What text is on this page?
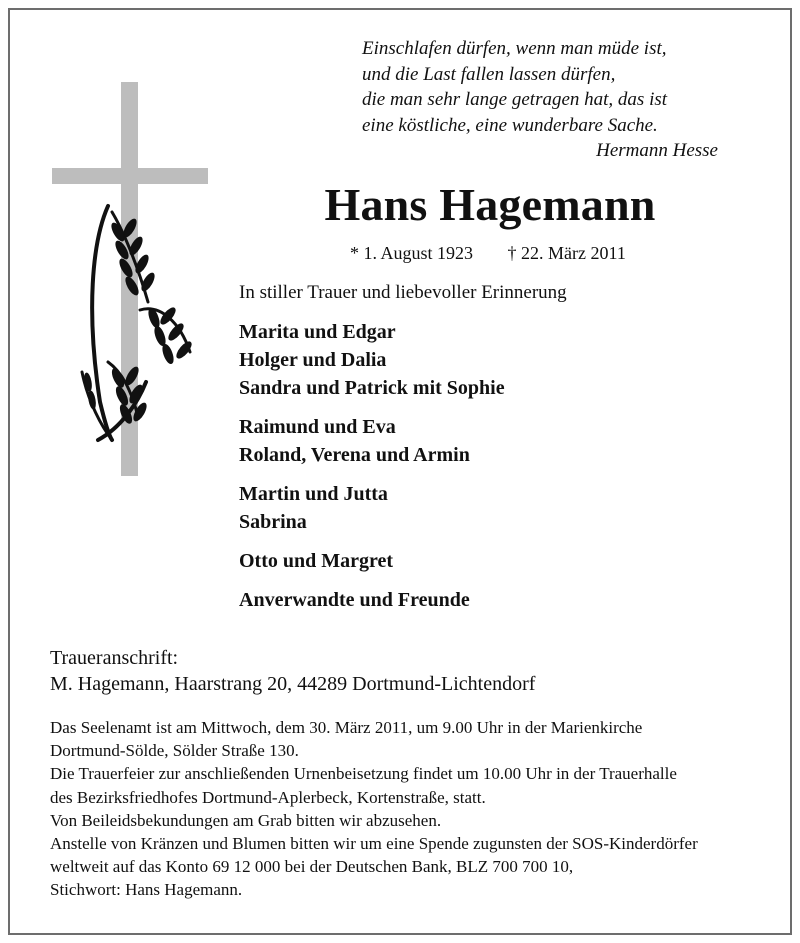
Einschlafen dürfen, wenn man müde ist,
und die Last fallen lassen dürfen,
die man sehr lange getragen hat, das ist
eine köstliche, eine wunderbare Sache.
Hermann Hesse
Hans Hagemann
* 1. August 1923 † 22. März 2011
In stiller Trauer und liebevoller Erinnerung
Marita und Edgar
Holger und Dalia
Sandra und Patrick mit Sophie
Raimund und Eva
Roland, Verena und Armin
Martin und Jutta
Sabrina
Otto und Margret
Anverwandte und Freunde
Traueranschrift:
M. Hagemann, Haarstrang 20, 44289 Dortmund-Lichtendorf
Das Seelenamt ist am Mittwoch, dem 30. März 2011, um 9.00 Uhr in der Marienkirche
Dortmund-Sölde, Sölder Straße 130.
Die Trauerfeier zur anschließenden Urnenbeisetzung findet um 10.00 Uhr in der Trauerhalle
des Bezirksfriedhofes Dortmund-Aplerbeck, Kortenstraße, statt.
Von Beileidsbekundungen am Grab bitten wir abzusehen.
Anstelle von Kränzen und Blumen bitten wir um eine Spende zugunsten der SOS-Kinderdörfer
weltweit auf das Konto 69 12 000 bei der Deutschen Bank, BLZ 700 700 10,
Stichwort: Hans Hagemann.
